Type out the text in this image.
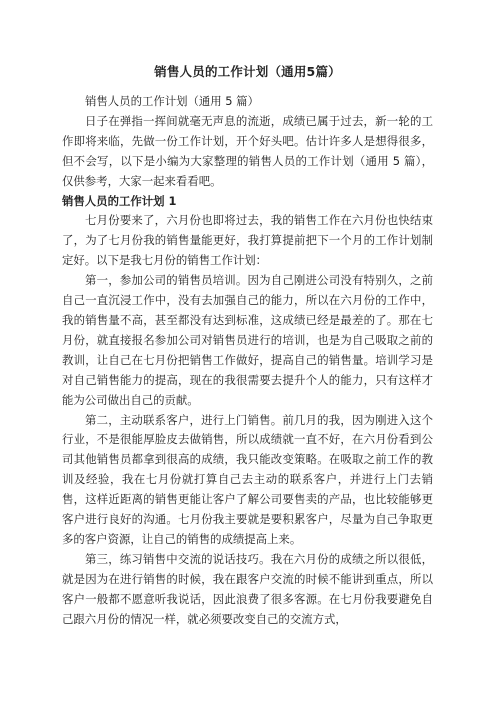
销售人员的工作计划（通用5篇）

销售人员的工作计划（通用 5 篇）

日子在弹指一挥间就毫无声息的流逝，成绩已属于过去，新一轮的工作即将来临，先做一份工作计划，开个好头吧。估计许多人是想得很多，但不会写，以下是小编为大家整理的销售人员的工作计划（通用 5 篇），仅供参考，大家一起来看看吧。

销售人员的工作计划 1

七月份要来了，六月份也即将过去，我的销售工作在六月份也快结束了，为了七月份我的销售量能更好，我打算提前把下一个月的工作计划制定好。以下是我七月份的销售工作计划：

第一，参加公司的销售员培训。因为自己刚进公司没有特别久，之前自己一直沉浸工作中，没有去加强自己的能力，所以在六月份的工作中，我的销售量不高，甚至都没有达到标准，这成绩已经是最差的了。那在七月份，就直接报名参加公司对销售员进行的培训，也是为自己吸取之前的教训，让自己在七月份把销售工作做好，提高自己的销售量。培训学习是对自己销售能力的提高，现在的我很需要去提升个人的能力，只有这样才能为公司做出自己的贡献。

第二，主动联系客户，进行上门销售。前几月的我，因为刚进入这个行业，不是很能厚脸皮去做销售，所以成绩就一直不好，在六月份看到公司其他销售员都拿到很高的成绩，我只能改变策略。在吸取之前工作的教训及经验，我在七月份就打算自己去主动的联系客户，并进行上门去销售，这样近距离的销售更能让客户了解公司要售卖的产品，也比较能够更客户进行良好的沟通。七月份我主要就是要积累客户，尽量为自己争取更多的客户资源，让自己的销售的成绩提高上来。

第三，练习销售中交流的说话技巧。我在六月份的成绩之所以很低，就是因为在进行销售的时候，我在跟客户交流的时候不能讲到重点，所以客户一般都不愿意听我说话，因此浪费了很多客源。在七月份我要避免自己跟六月份的情况一样，就必须要改变自己的交流方式，
